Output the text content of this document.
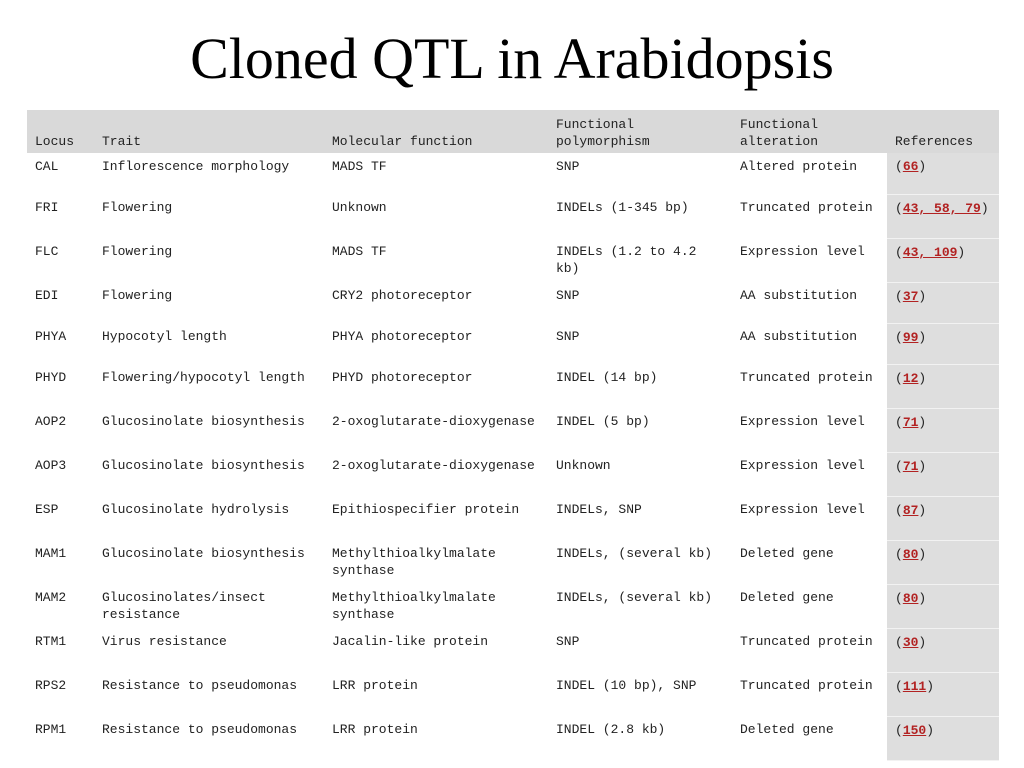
Cloned QTL in Arabidopsis
Locus	Trait	Molecular function	Functional polymorphism	Functional alteration	References
CAL	Inflorescence morphology	MADS TF	SNP	Altered protein	(66)
FRI	Flowering	Unknown	INDELs (1-345 bp)	Truncated protein	(43, 58, 79)
FLC	Flowering	MADS TF	INDELs (1.2 to 4.2 kb)	Expression level	(43, 109)
EDI	Flowering	CRY2 photoreceptor	SNP	AA substitution	(37)
PHYA	Hypocotyl length	PHYA photoreceptor	SNP	AA substitution	(99)
PHYD	Flowering/hypocotyl length	PHYD photoreceptor	INDEL (14 bp)	Truncated protein	(12)
AOP2	Glucosinolate biosynthesis	2-oxoglutarate-dioxygenase	INDEL (5 bp)	Expression level	(71)
AOP3	Glucosinolate biosynthesis	2-oxoglutarate-dioxygenase	Unknown	Expression level	(71)
ESP	Glucosinolate hydrolysis	Epithiospecifier protein	INDELs, SNP	Expression level	(87)
MAM1	Glucosinolate biosynthesis	Methylthioalkylmalate synthase	INDELs, (several kb)	Deleted gene	(80)
MAM2	Glucosinolates/insect resistance	Methylthioalkylmalate synthase	INDELs, (several kb)	Deleted gene	(80)
RTM1	Virus resistance	Jacalin-like protein	SNP	Truncated protein	(30)
RPS2	Resistance to pseudomonas	LRR protein	INDEL (10 bp), SNP	Truncated protein	(111)
RPM1	Resistance to pseudomonas	LRR protein	INDEL (2.8 kb)	Deleted gene	(150)
